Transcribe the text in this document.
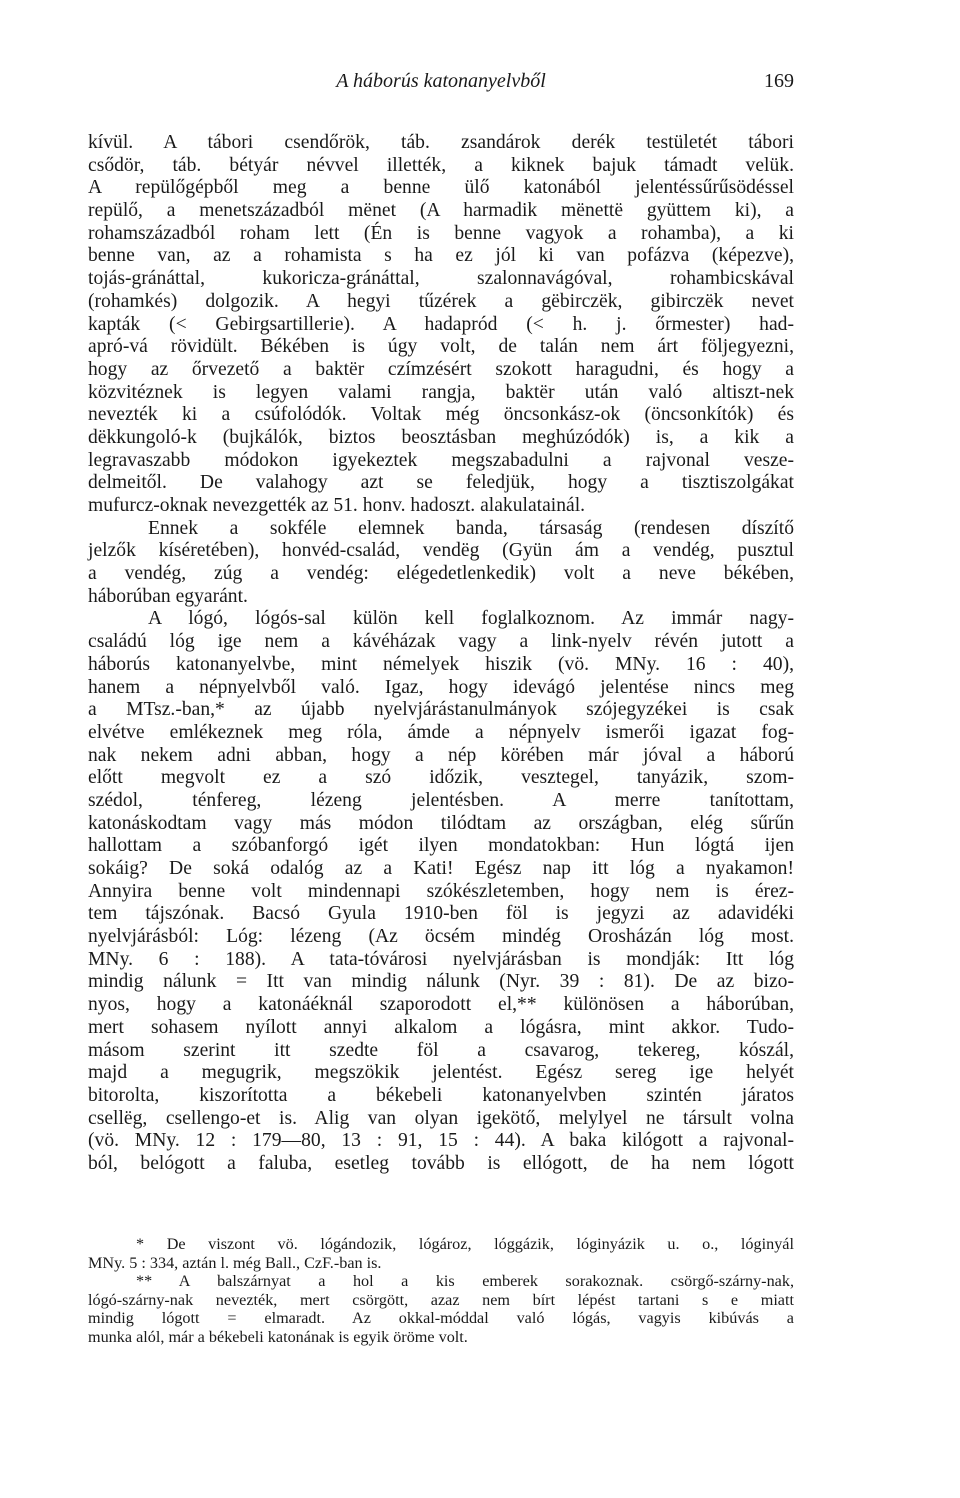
A háborús katonanyelvből	169
kívül. A tábori csendőrök, táb. zsandárok derék testületét tábori
csődör, táb. bétyár névvel illették, a kiknek bajuk támadt velük.
A repülőgépből meg a benne ülő katonából jelentéssűrűsödéssel
repülő, a menetszázadból mënet (A harmadik mënettë gyüttem ki), a
rohamszázadból roham lett (Én is benne vagyok a rohamba), a ki
benne van, az a rohamista s ha ez jól ki van pofázva (képezve),
tojás-gránáttal, kukoricza-gránáttal, szalonnavágóval, rohambicskával
(rohamkés) dolgozik. A hegyi tűzérek a gëbirczëk, gibirczëk nevet
kapták (< Gebirgsartillerie). A hadapród (< h. j. őrmester) had-
apró-vá rövidült. Békében is úgy volt, de talán nem árt följegyezni,
hogy az őrvezető a baktër czímzésért szokott haragudni, és hogy a
közvitéznek is legyen valami rangja, baktër után való altiszt-nek
nevezték ki a csúfolódók. Voltak még öncsonkász-ok (öncsonkítók) és
dëkkungoló-k (bujkálók, biztos beosztásban meghúzódók) is, a kik a
legravaszabb módokon igyekeztek megszabadulni a rajvonal veszе-
delmeitől. De valahogy azt se feledjük, hogy a tisztiszolgákat
mufurcz-oknak nevezgették az 51. honv. hadoszt. alakulatainál.
Ennek a sokféle elemnek banda, társaság (rendesen díszítő
jelzők kíséretében), honvéd-család, vendëg (Gyün ám a vendég, pusztul
a vendég, zúg a vendég: elégedetlenkedik) volt a neve békében,
háborúban egyaránt.
A lógó, lógós-sal külön kell foglalkoznom. Az immár nagy-
családú lóg ige nem a kávéházak vagy a link-nyelv révén jutott a
háborús katonanyelvbe, mint némelyek hiszik (vö. MNy. 16 : 40),
hanem a népnyelvből való. Igaz, hogy idevágó jelentése nincs meg
a MTsz.-ban,* az újabb nyelvjárástanulmányok szójegyzékei is csak
elvétve emlékeznek meg róla, ámde a népnyelv ismerői igazat fog-
nak nekem adni abban, hogy a nép körében már jóval a háború
előtt megvolt ez a szó időzik, vesztegel, tanyázik, szom-
szédol, ténfereg, lézeng jelentésben. A merre tanítottam,
katonáskodtam vagy más módon tilódtam az országban, elég sűrűn
hallottam a szóbanforgó igét ilyen mondatokban: Hun lógtá ijen
sokáig? De soká odalóg az a Kati! Egész nap itt lóg a nyakamon!
Annyira benne volt mindennapi szókészletemben, hogy nem is érez-
tem tájszónak. Bacsó Gyula 1910-ben föl is jegyzi az adavidéki
nyelvjárásból: Lóg: lézeng (Az öcsém mindég Orosházán lóg most.
MNy. 6 : 188). A tata-tóvárosi nyelvjárásban is mondják: Itt lóg
mindig nálunk = Itt van mindig nálunk (Nyr. 39 : 81). De az bizo-
nyos, hogy a katonáéknál szaporodott el,** különösen a háborúban,
mert sohasem nyílott annyi alkalom a lógásra, mint akkor. Tudo-
másom szerint itt szedte föl a csavarog, tekereg, kószál,
majd a megugrik, megszökik jelentést. Egész sereg ige helyét
bitorolta, kiszorította a békebeli katonanyelvben szintén járatos
csellëg, csellengо-et is. Alig van olyan igekötő, melylyel ne társult volna
(vö. MNy. 12 : 179—80, 13 : 91, 15 : 44). A baka kilógott a rajvonal-
ból, belógott a faluba, esetleg tovább is ellógott, de ha nem lógott
* De viszont vö. lógándozik, lógároz, lóggázik, lóginyázik u. o., lóginyál
MNy. 5 : 334, aztán l. még Ball., CzF.-ban is.
** A balszárnyat a hol a kis emberek sorakoznak. csörgő-szárny-nak,
lógó-szárny-nak nevezték, mert csörgött, azaz nem bírt lépést tartani s e miatt
mindig lógott = elmaradt. Az okkal-móddal való lógás, vagyis kibúvás a
munka alól, már a békebeli katonának is egyik öröme volt.
